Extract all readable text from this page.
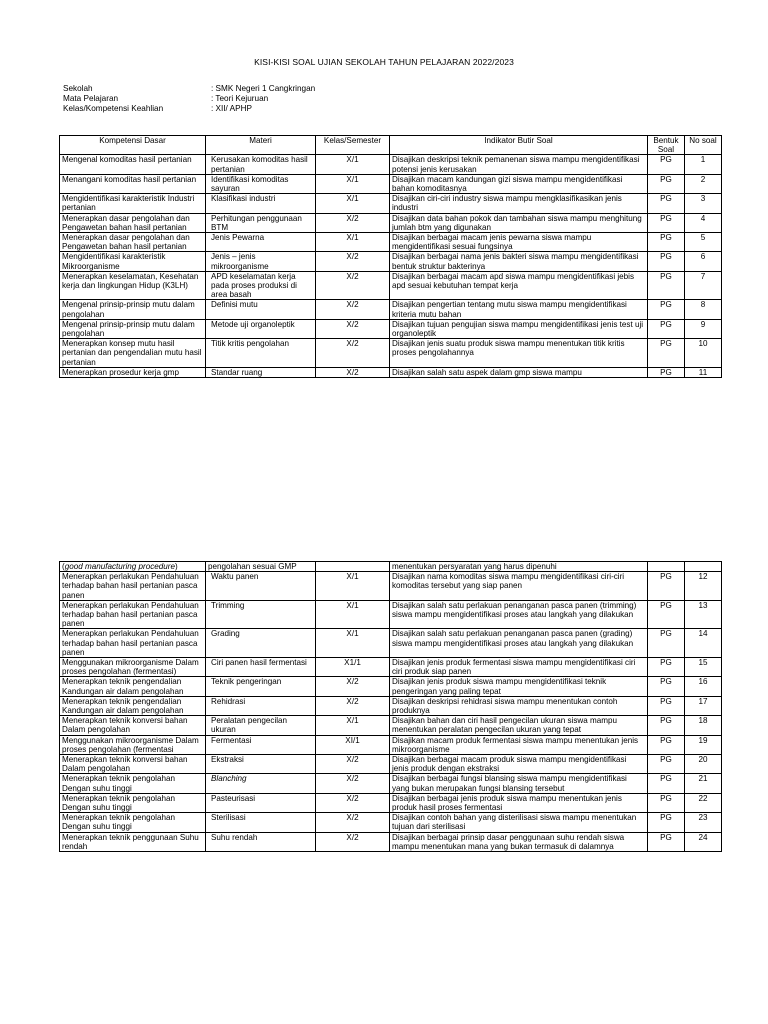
KISI-KISI SOAL UJIAN SEKOLAH TAHUN PELAJARAN 2022/2023
Sekolah	: SMK Negeri 1 Cangkringan
Mata Pelajaran	: Teori Kejuruan
Kelas/Kompetensi Keahlian	: XII/ APHP
Kompetensi Dasar	Materi	Kelas/Semester	Indikator Butir Soal	Bentuk Soal	No soal
Mengenal komoditas hasil pertanian	Kerusakan komoditas hasil pertanian	X/1	Disajikan deskripsi teknik pemanenan siswa mampu mengidentifikasi potensi jenis kerusakan	PG	1
Menangani komoditas hasil pertanian	Identifikasi komoditas sayuran	X/1	Disajikan macam kandungan gizi siswa mampu mengidentifikasi bahan komoditasnya	PG	2
Mengidentifikasi karakteristik Industri pertanian	Klasifikasi industri	X/1	Disajikan ciri-ciri industry siswa mampu mengklasifikasikan jenis industri	PG	3
Menerapkan dasar pengolahan dan Pengawetan bahan hasil pertanian	Perhitungan penggunaan BTM	X/2	Disajikan data bahan pokok dan tambahan siswa mampu menghitung jumlah btm yang digunakan	PG	4
Menerapkan dasar pengolahan dan Pengawetan bahan hasil pertanian	Jenis Pewarna	X/1	Disajikan berbagai macam jenis pewarna siswa mampu mengidentifikasi sesuai fungsinya	PG	5
Mengidentifikasi karakteristik Mikroorganisme	Jenis – jenis mikroorganisme	X/2	Disajikan berbagai nama jenis bakteri siswa mampu mengidentifikasi bentuk struktur bakterinya	PG	6
Menerapkan keselamatan, Kesehatan kerja dan lingkungan Hidup (K3LH)	APD keselamatan kerja pada proses produksi di area basah	X/2	Disajikan berbagai macam apd siswa mampu mengidentifikasi jebis apd sesuai kebutuhan tempat kerja	PG	7
Mengenal prinsip-prinsip mutu dalam pengolahan	Definisi mutu	X/2	Disajikan pengertian tentang mutu siswa mampu mengidentifikasi kriteria mutu bahan	PG	8
Mengenal prinsip-prinsip mutu dalam pengolahan	Metode uji organoleptik	X/2	Disajikan tujuan pengujian siswa mampu mengidentifikasi jenis test uji organoleptik	PG	9
Menerapkan konsep mutu hasil pertanian dan pengendalian mutu hasil pertanian	Titik kritis pengolahan	X/2	Disajikan jenis suatu produk siswa mampu menentukan titik kritis proses pengolahannya	PG	10
Menerapkan prosedur kerja gmp	Standar ruang	X/2	Disajikan salah satu aspek dalam gmp siswa mampu	PG	11
(good manufacturing procedure)	pengolahan sesuai GMP		menentukan persyaratan yang harus dipenuhi		
Menerapkan perlakukan Pendahuluan terhadap bahan hasil pertanian pasca panen	Waktu panen	X/1	Disajikan nama komoditas siswa mampu mengidentifikasi ciri-ciri komoditas tersebut yang siap panen	PG	12
Menerapkan perlakukan Pendahuluan terhadap bahan hasil pertanian pasca panen	Trimming	X/1	Disajikan salah satu perlakuan penanganan pasca panen (trimming) siswa mampu mengidentifikasi proses atau langkah yang dilakukan	PG	13
Menerapkan perlakukan Pendahuluan terhadap bahan hasil pertanian pasca panen	Grading	X/1	Disajikan salah satu perlakuan penanganan pasca panen (grading) siswa mampu mengidentifikasi proses atau langkah yang dilakukan	PG	14
Menggunakan mikroorganisme Dalam proses pengolahan (fermentasi)	Ciri panen hasil fermentasi	X1/1	Disajikan jenis produk fermentasi siswa mampu mengidentifikasi ciri ciri produk siap panen	PG	15
Menerapkan teknik pengendalian Kandungan air dalam pengolahan	Teknik pengeringan	X/2	Disajikan jenis produk siswa mampu mengidentifikasi teknik pengeringan yang paling tepat	PG	16
Menerapkan teknik pengendalian Kandungan air dalam pengolahan	Rehidrasi	X/2	Disajikan deskripsi rehidrasi siswa mampu menentukan contoh produknya	PG	17
Menerapkan teknik konversi bahan Dalam pengolahan	Peralatan pengecilan ukuran	X/1	Disajikan bahan dan ciri hasil pengecilan ukuran siswa mampu menentukan peralatan pengecilan ukuran yang tepat	PG	18
Menggunakan mikroorganisme Dalam proses pengolahan (fermentasi	Fermentasi	XI/1	Disajikan macam produk fermentasi siswa mampu menentukan jenis mikroorganisme	PG	19
Menerapkan teknik konversi bahan Dalam pengolahan	Ekstraksi	X/2	Disajikan berbagai macam produk siswa mampu mengidentifikasi jenis produk dengan ekstraksi	PG	20
Menerapkan teknik pengolahan Dengan suhu tinggi	Blanching	X/2	Disajikan berbagai fungsi blansing siswa mampu mengidentifikasi yang bukan merupakan fungsi blansing tersebut	PG	21
Menerapkan teknik pengolahan Dengan suhu tinggi	Pasteurisasi	X/2	Disajikan berbagai jenis produk siswa mampu menentukan jenis produk hasil proses fermentasi	PG	22
Menerapkan teknik pengolahan Dengan suhu tinggi	Sterilisasi	X/2	Disajikan contoh bahan yang disterilisasi siswa mampu menentukan tujuan dari sterilisasi	PG	23
Menerapkan teknik penggunaan Suhu rendah	Suhu rendah	X/2	Disajikan berbagai prinsip dasar penggunaan suhu rendah siswa mampu menentukan mana yang bukan termasuk di dalamnya	PG	24
